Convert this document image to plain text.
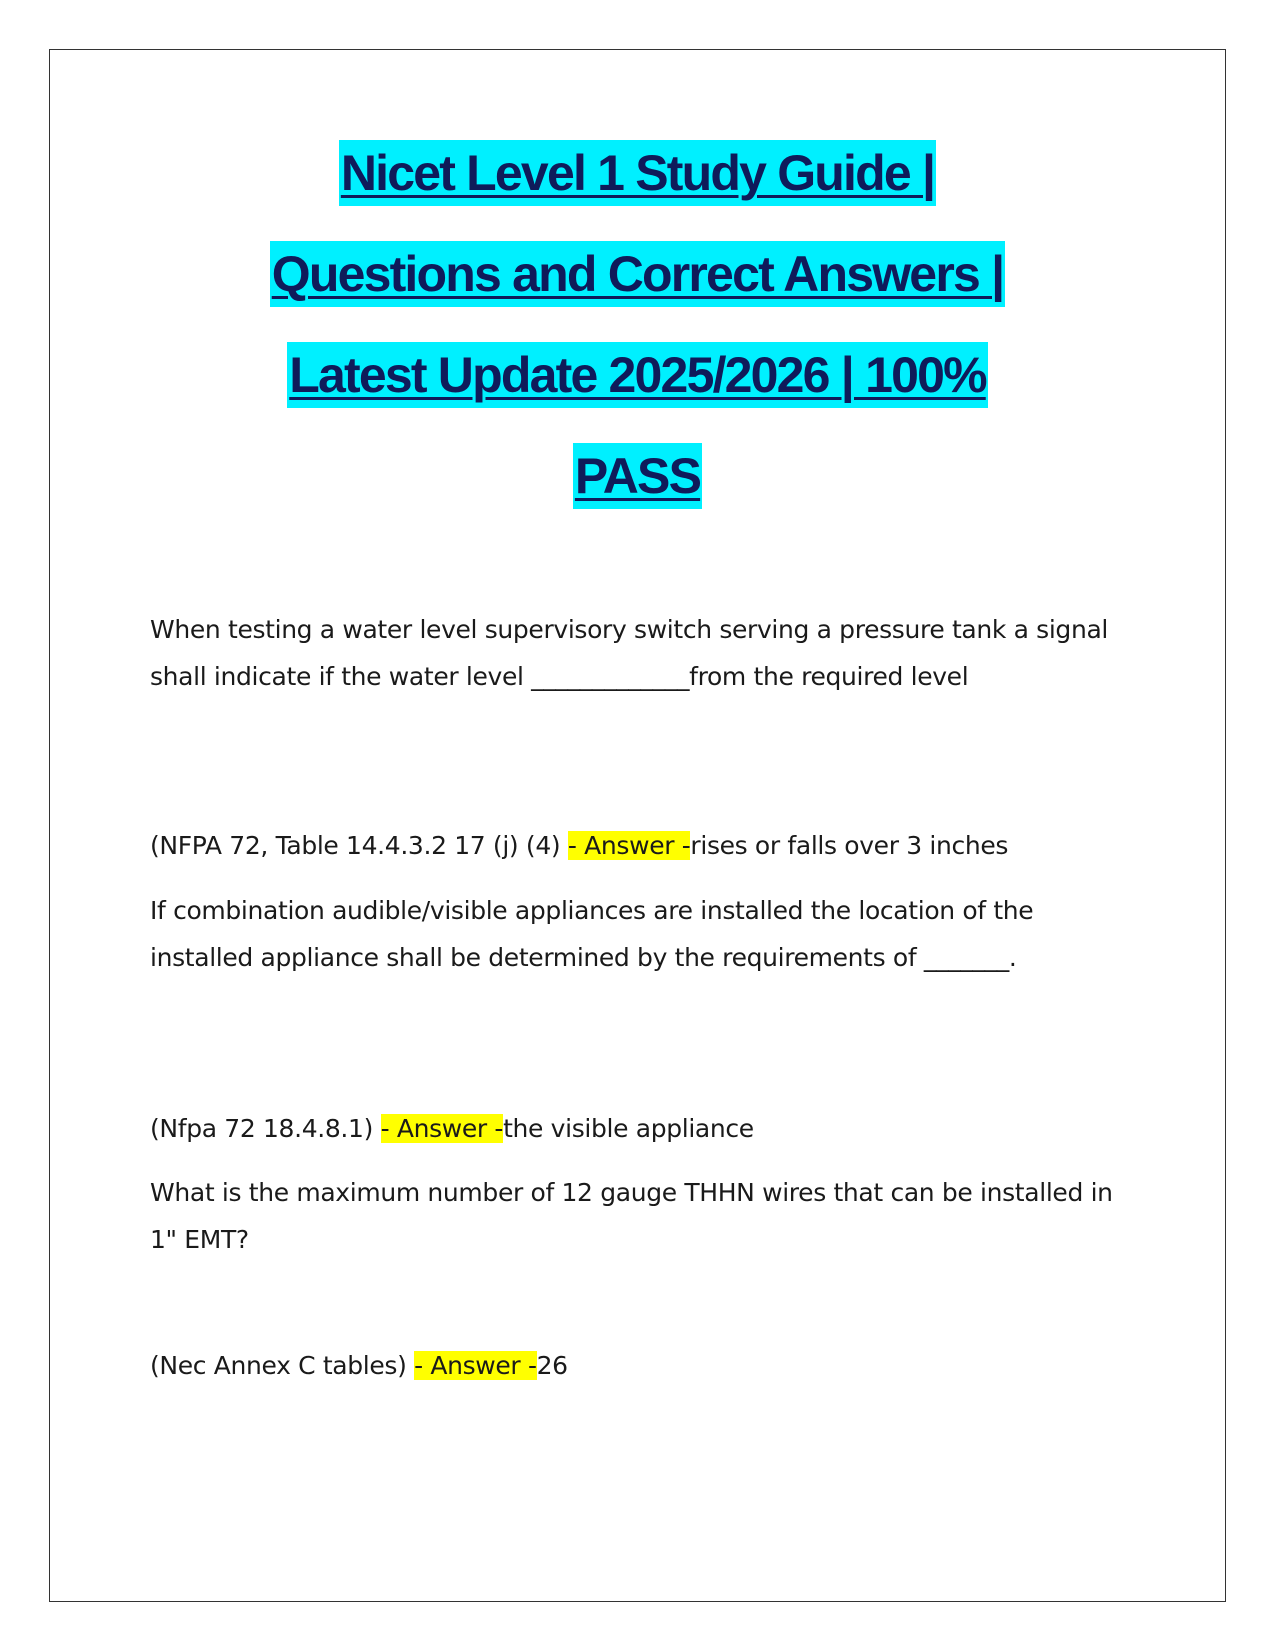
Nicet Level 1 Study Guide |
Questions and Correct Answers |
Latest Update 2025/2026 | 100%
PASS

When testing a water level supervisory switch serving a pressure tank a signal shall indicate if the water level _____________from the required level

(NFPA 72, Table 14.4.3.2 17 (j) (4) - Answer -rises or falls over 3 inches

If combination audible/visible appliances are installed the location of the installed appliance shall be determined by the requirements of _______.

(Nfpa 72 18.4.8.1) - Answer -the visible appliance

What is the maximum number of 12 gauge THHN wires that can be installed in 1" EMT?

(Nec Annex C tables) - Answer -26
